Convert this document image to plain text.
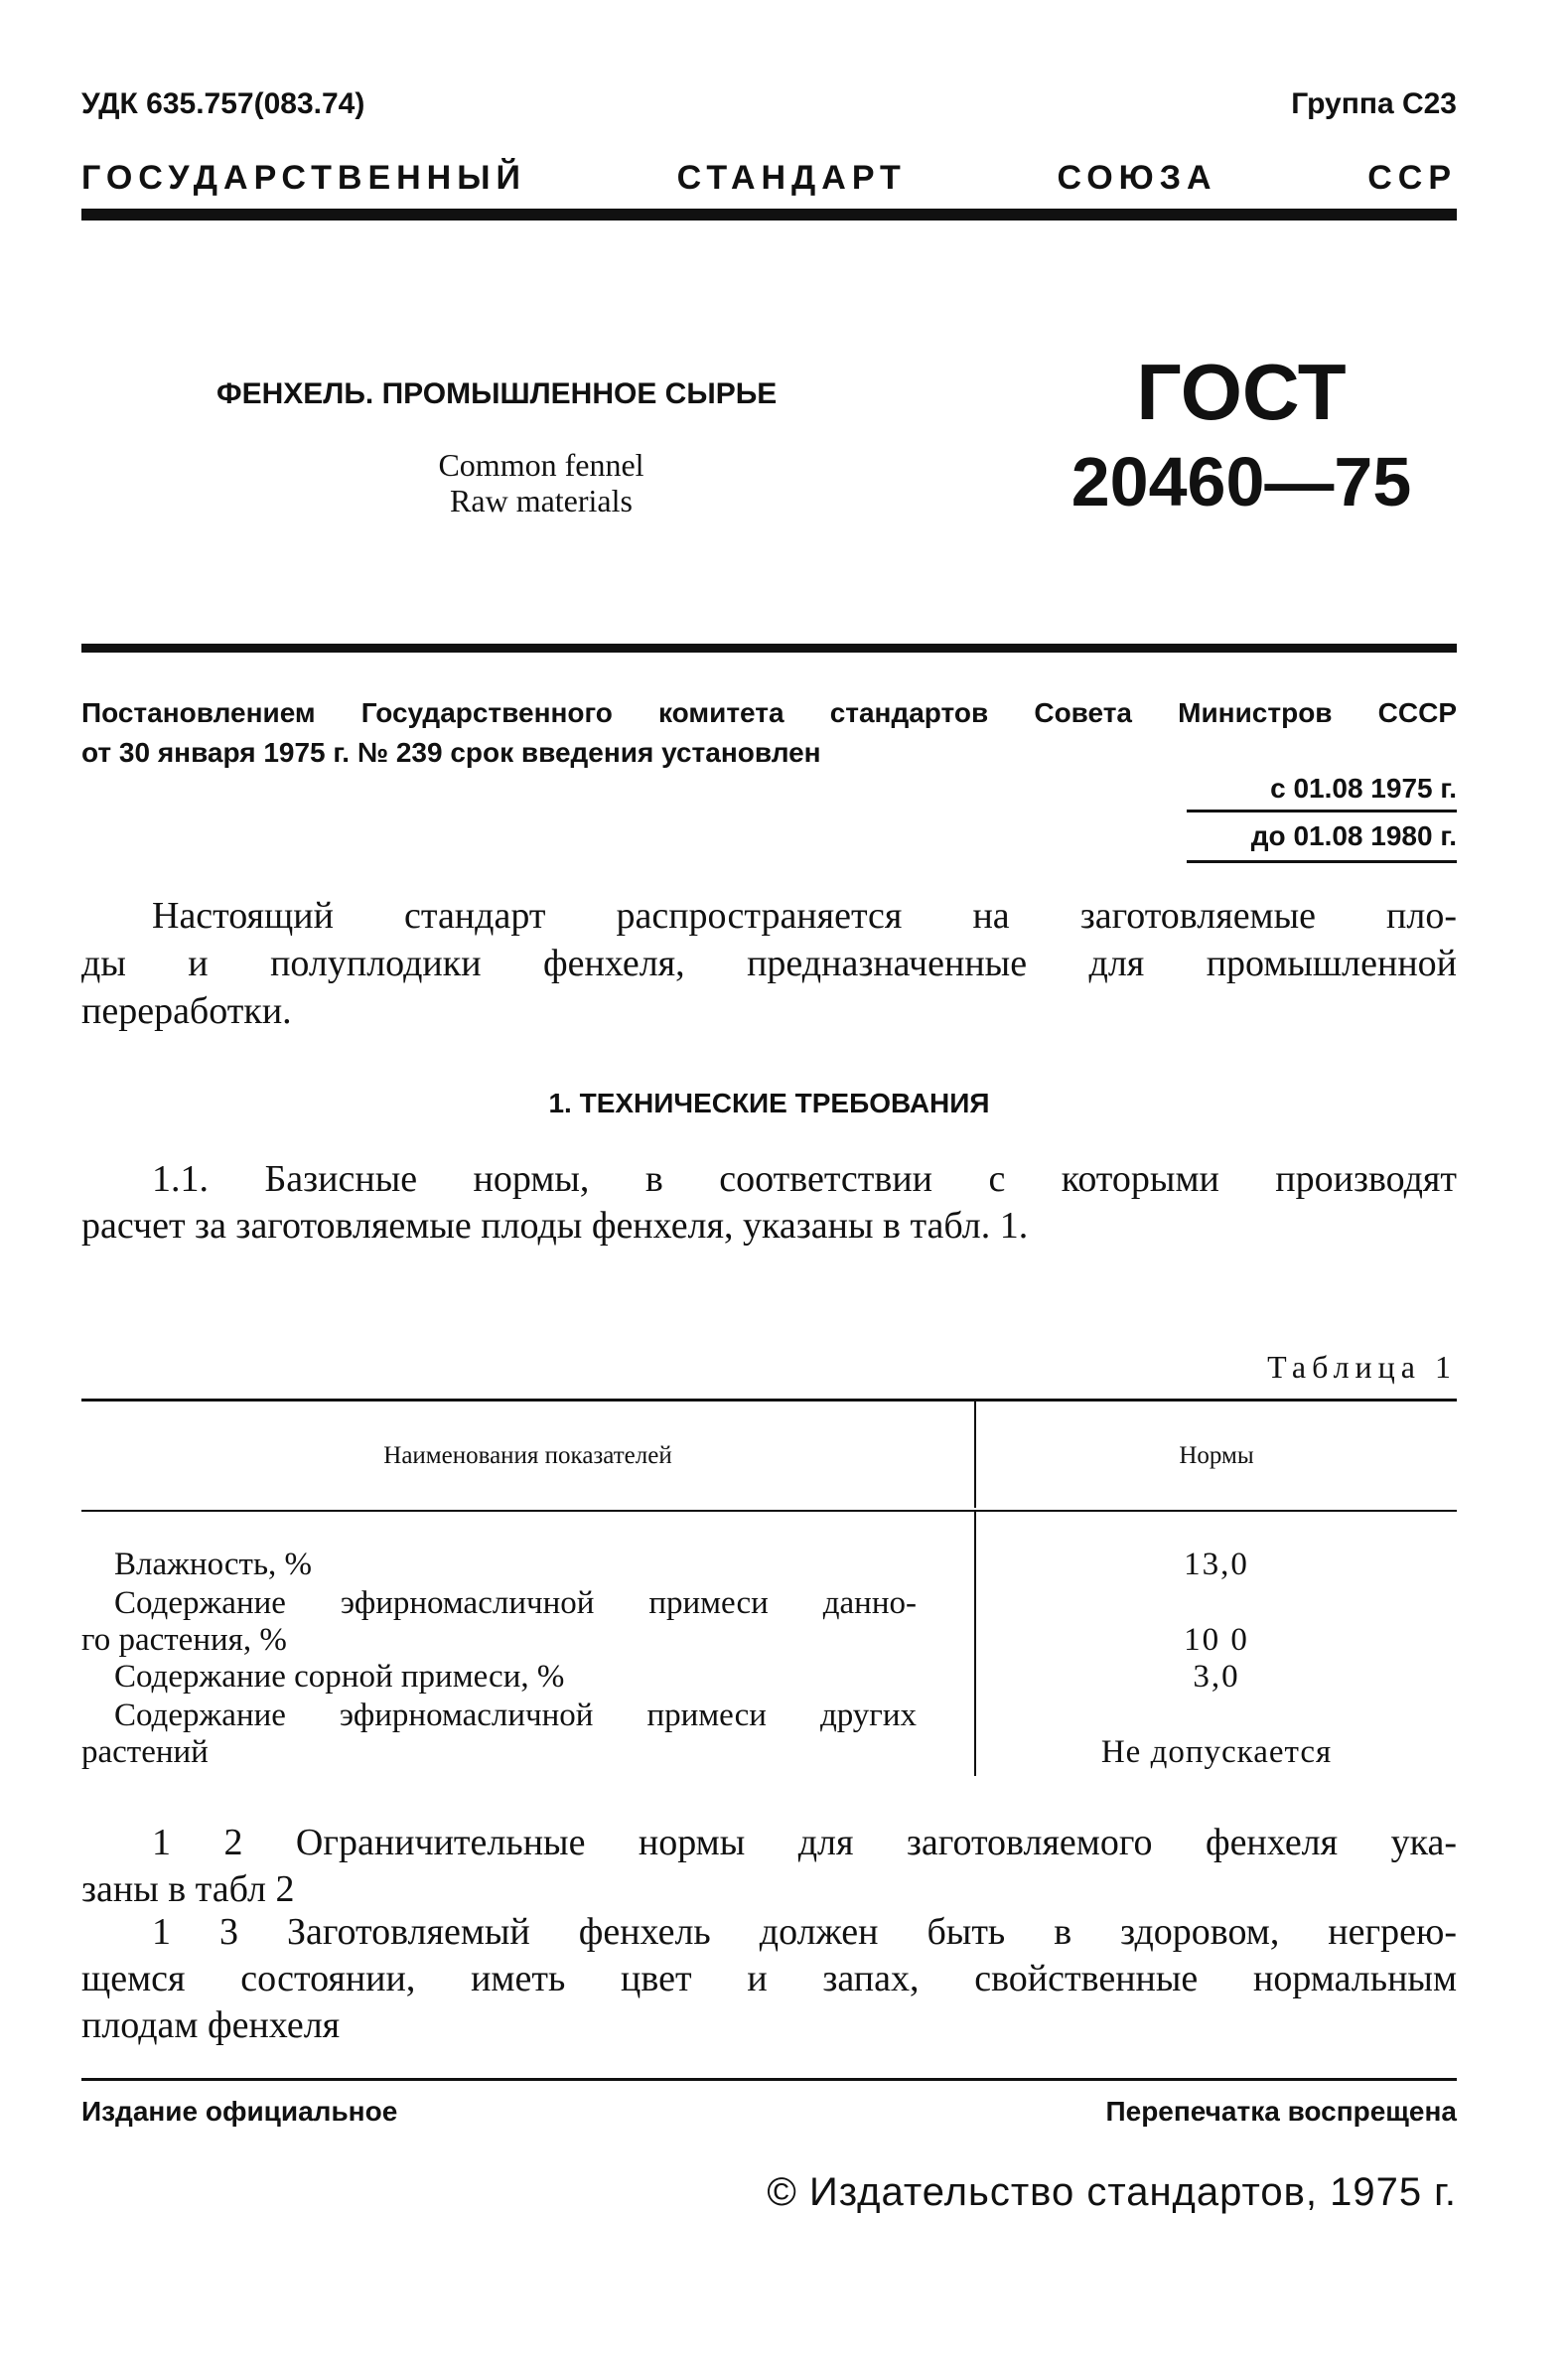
УДК 635.757(083.74)	Группа С23
ГОСУДАРСТВЕННЫЙ СТАНДАРТ СОЮЗА ССР
ФЕНХЕЛЬ. ПРОМЫШЛЕННОЕ СЫРЬЕ
Common fennel
Raw materials
ГОСТ
20460—75
Постановлением Государственного комитета стандартов Совета Министров СССР
от 30 января 1975 г. № 239 срок введения установлен
с 01.08 1975 г.
до 01.08 1980 г.
Настоящий стандарт распространяется на заготовляемые пло-
ды и полуплодики фенхеля, предназначенные для промышленной
переработки.
1. ТЕХНИЧЕСКИЕ ТРЕБОВАНИЯ
1.1. Базисные нормы, в соответствии с которыми производят
расчет за заготовляемые плоды фенхеля, указаны в табл. 1.
Таблица 1
Наименования показателей	Нормы
Влажность, %	13,0
Содержание эфирномасличной примеси данно-
го растения, %	10 0
Содержание сорной примеси, %	3,0
Содержание эфирномасличной примеси других
растений	Не допускается
1 2 Ограничительные нормы для заготовляемого фенхеля ука-
заны в табл 2
1 3 Заготовляемый фенхель должен быть в здоровом, негрею-
щемся состоянии, иметь цвет и запах, свойственные нормальным
плодам фенхеля
Издание официальное	Перепечатка воспрещена
© Издательство стандартов, 1975 г.
